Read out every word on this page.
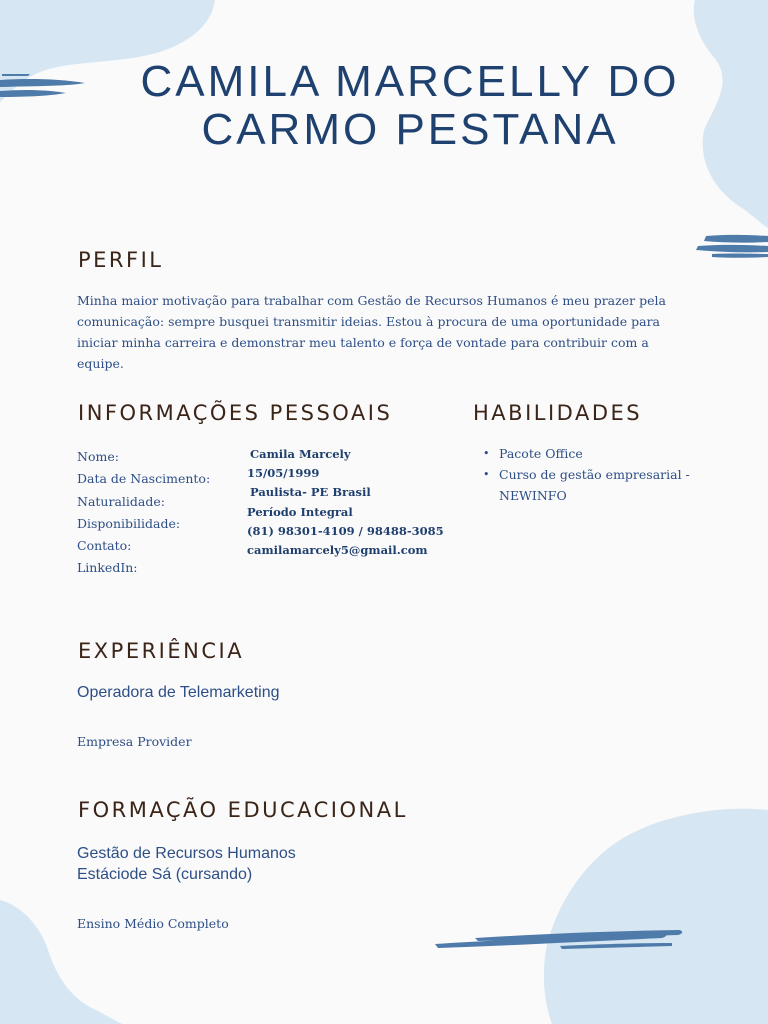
CAMILA MARCELLY DO
CARMO PESTANA
PERFIL
Minha maior motivação para trabalhar com Gestão de Recursos Humanos é meu prazer pela comunicação: sempre busquei transmitir ideias. Estou à procura de uma oportunidade para iniciar minha carreira e demonstrar meu talento e força de vontade para contribuir com a equipe.
INFORMAÇÕES PESSOAIS
Nome:
Data de Nascimento:
Naturalidade:
Disponibilidade:
Contato:
LinkedIn:
Camila Marcely
15/05/1999
Paulista- PE Brasil
Período Integral
(81) 98301-4109 / 98488-3085
camilamarcely5@gmail.com
HABILIDADES
• Pacote Office
• Curso de gestão empresarial - NEWINFO
EXPERIÊNCIA
Operadora de Telemarketing
Empresa Provider
FORMAÇÃO EDUCACIONAL
Gestão de Recursos Humanos
Estáciode Sá (cursando)
Ensino Médio Completo
